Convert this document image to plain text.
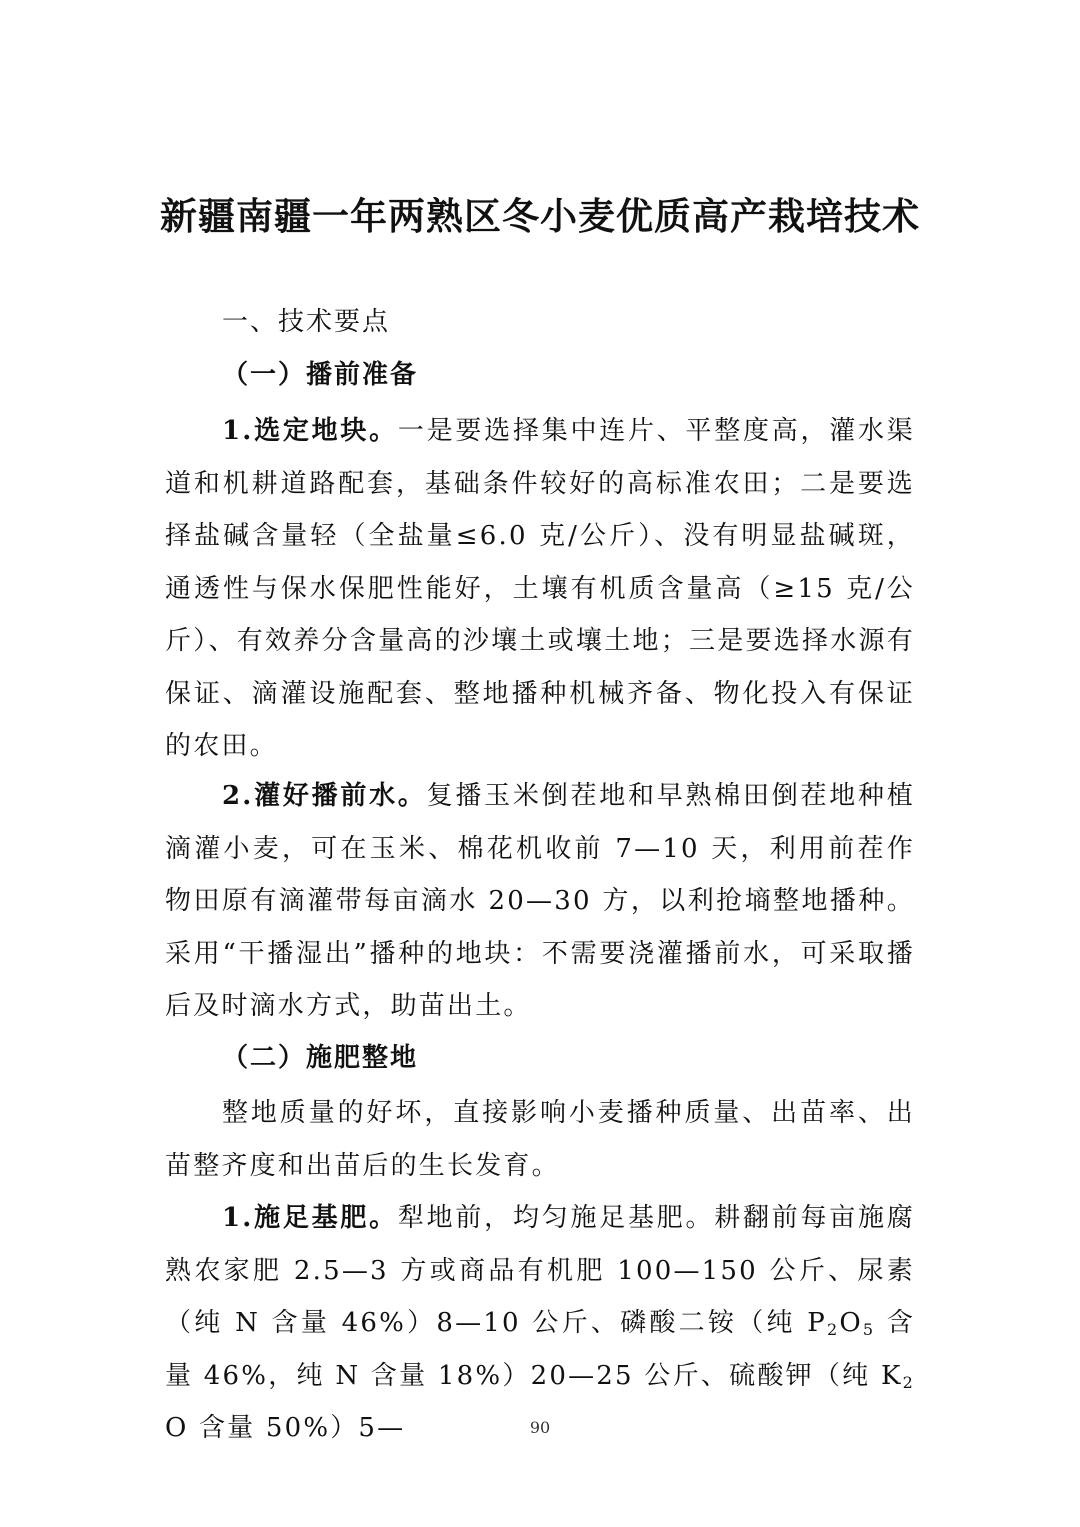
新疆南疆一年两熟区冬小麦优质高产栽培技术
一、技术要点
（一）播前准备

1.选定地块。一是要选择集中连片、平整度高，灌水渠道和机耕道路配套，基础条件较好的高标准农田；二是要选择盐碱含量轻（全盐量≤6.0 克/公斤）、没有明显盐碱斑，通透性与保水保肥性能好，土壤有机质含量高（≥15 克/公斤）、有效养分含量高的沙壤土或壤土地；三是要选择水源有保证、滴灌设施配套、整地播种机械齐备、物化投入有保证的农田。

2.灌好播前水。复播玉米倒茬地和早熟棉田倒茬地种植滴灌小麦，可在玉米、棉花机收前 7—10 天，利用前茬作物田原有滴灌带每亩滴水 20—30 方，以利抢墒整地播种。采用“干播湿出”播种的地块：不需要浇灌播前水，可采取播后及时滴水方式，助苗出土。

（二）施肥整地

整地质量的好坏，直接影响小麦播种质量、出苗率、出苗整齐度和出苗后的生长发育。

1.施足基肥。犁地前，均匀施足基肥。耕翻前每亩施腐熟农家肥 2.5—3 方或商品有机肥 100—150 公斤、尿素（纯 N 含量 46%）8—10 公斤、磷酸二铵（纯 $P_2O_5$ 含量 46%，纯 N 含量 18%）20—25 公斤、硫酸钾（纯 $K_2O$ 含量 50%）5—	90
